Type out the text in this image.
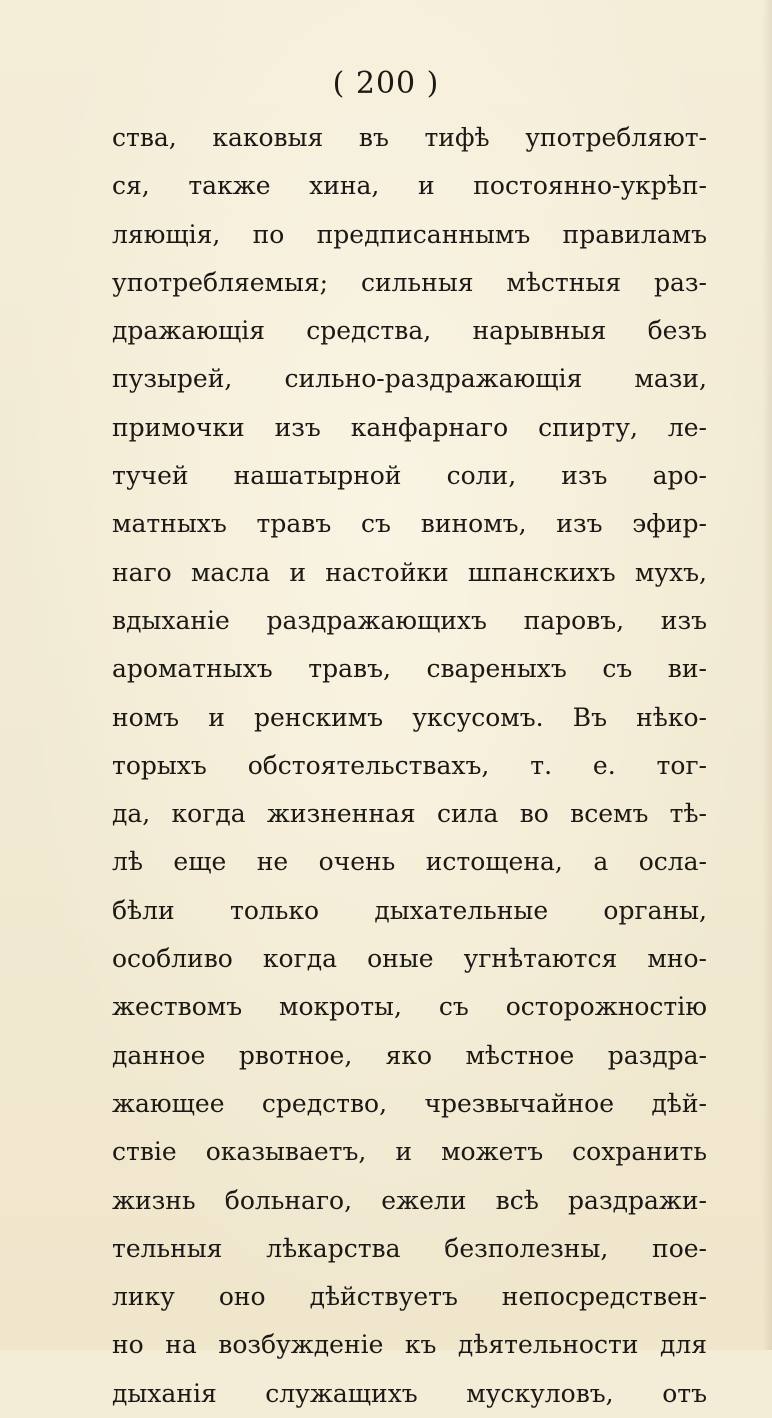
( 200 )
ства, каковыя въ тифѣ употребляют-
ся, также хина, и постоянно-укрѣп-
ляющія, по предписаннымъ правиламъ
употребляемыя; сильныя мѣстныя раз-
дражающія средства, нарывныя безъ
пузырей, сильно-раздражающія мази,
примочки изъ канфарнаго спирту, ле-
тучей нашатырной соли, изъ аро-
матныхъ травъ съ виномъ, изъ эфир-
наго масла и настойки шпанскихъ мухъ,
вдыханіе раздражающихъ паровъ, изъ
ароматныхъ травъ, свареныхъ съ ви-
номъ и ренскимъ уксусомъ. Въ нѣко-
торыхъ обстоятельствахъ, т. е. тог-
да, когда жизненная сила во всемъ тѣ-
лѣ еще не очень истощена, а осла-
бѣли только дыхательные органы,
особливо когда оные угнѣтаются мно-
жествомъ мокроты, съ осторожностію
данное рвотное, яко мѣстное раздра-
жающее средство, чрезвычайное дѣй-
ствіе оказываетъ, и можетъ сохранить
жизнь больнаго, ежели всѣ раздражи-
тельныя лѣкарства безполезны, пое-
лику оно дѣйствуетъ непосредствен-
но на возбужденіе къ дѣятельности для
дыханія служащихъ мускуловъ, отъ
